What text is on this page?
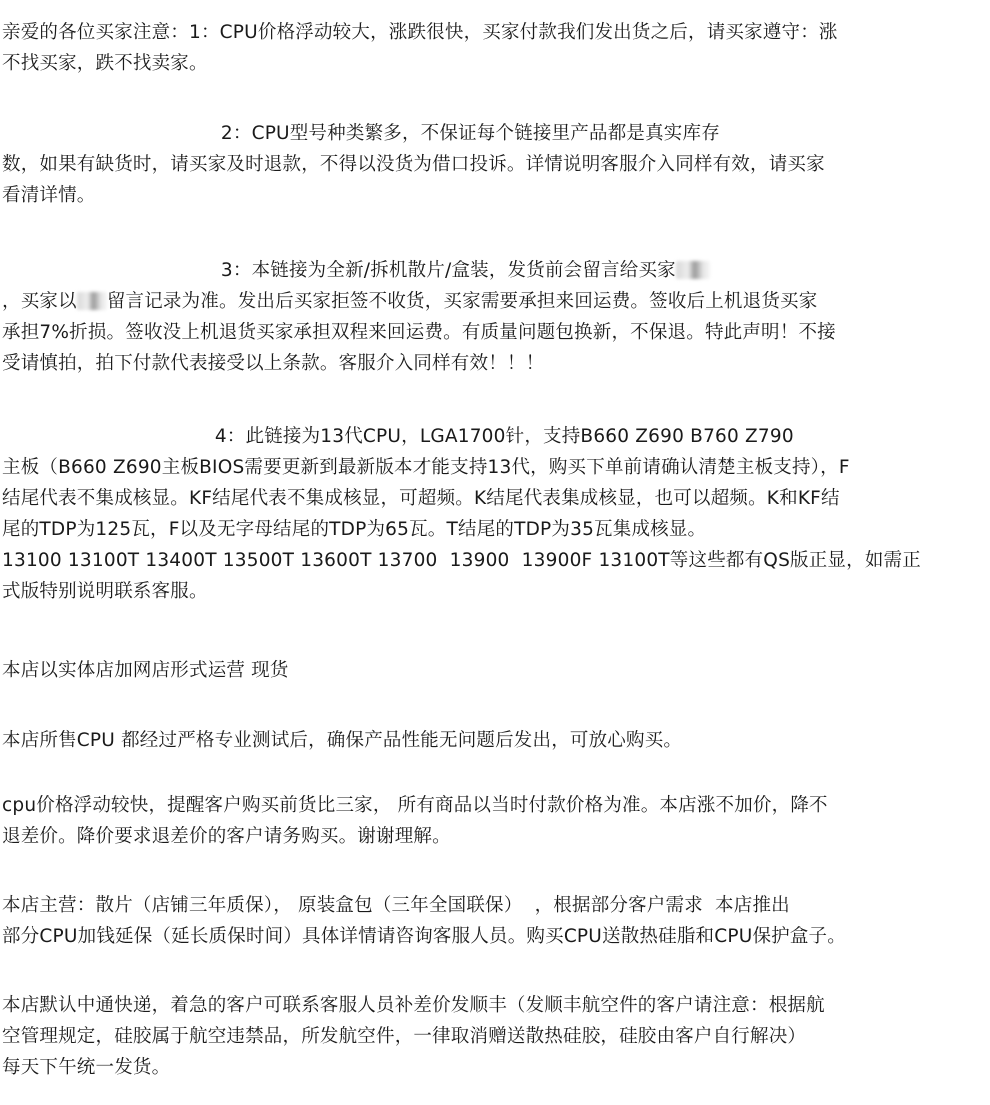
亲爱的各位买家注意：1：CPU价格浮动较大，涨跌很快，买家付款我们发出货之后，请买家遵守：涨
不找买家，跌不找卖家。

2：CPU型号种类繁多，不保证每个链接里产品都是真实库存
数，如果有缺货时，请买家及时退款，不得以没货为借口投诉。详情说明客服介入同样有效，请买家
看清详情。

3：本链接为全新/拆机散片/盒装，发货前会留言给买家
，买家以 留言记录为准。发出后买家拒签不收货，买家需要承担来回运费。签收后上机退货买家
承担7%折损。签收没上机退货买家承担双程来回运费。有质量问题包换新，不保退。特此声明！不接
受请慎拍，拍下付款代表接受以上条款。客服介入同样有效！！！

4：此链接为13代CPU，LGA1700针，支持B660 Z690 B760 Z790
主板（B660 Z690主板BIOS需要更新到最新版本才能支持13代，购买下单前请确认清楚主板支持），F
结尾代表不集成核显。KF结尾代表不集成核显，可超频。K结尾代表集成核显，也可以超频。K和KF结
尾的TDP为125瓦，F以及无字母结尾的TDP为65瓦。T结尾的TDP为35瓦集成核显。
13100 13100T 13400T 13500T 13600T 13700  13900  13900F 13100T等这些都有QS版正显，如需正
式版特别说明联系客服。

本店以实体店加网店形式运营 现货

本店所售CPU 都经过严格专业测试后，确保产品性能无问题后发出，可放心购买。

cpu价格浮动较快，提醒客户购买前货比三家， 所有商品以当时付款价格为准。本店涨不加价，降不
退差价。降价要求退差价的客户请务购买。谢谢理解。

本店主营：散片（店铺三年质保）， 原装盒包（三年全国联保）  ，根据部分客户需求  本店推出
部分CPU加钱延保（延长质保时间）具体详情请咨询客服人员。购买CPU送散热硅脂和CPU保护盒子。

本店默认中通快递，着急的客户可联系客服人员补差价发顺丰（发顺丰航空件的客户请注意：根据航
空管理规定，硅胶属于航空违禁品，所发航空件，一律取消赠送散热硅胶，硅胶由客户自行解决）
每天下午统一发货。
